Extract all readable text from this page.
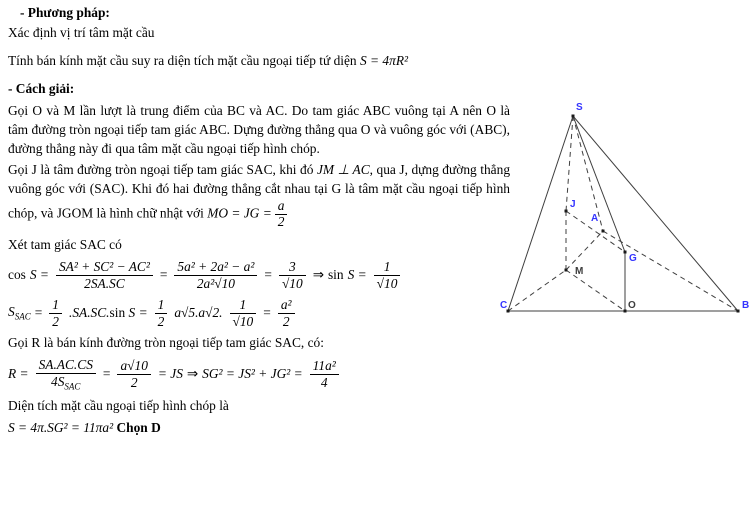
- Phương pháp:
Xác định vị trí tâm mặt cầu
Tính bán kính mặt cầu suy ra diện tích mặt cầu ngoại tiếp tứ diện S = 4πR²
- Cách giải:
Gọi O và M lần lượt là trung điểm của BC và AC. Do tam giác ABC vuông tại A nên O là tâm đường tròn ngoại tiếp tam giác ABC. Dựng đường thẳng qua O và vuông góc với (ABC), đường thẳng này đi qua tâm mặt cầu ngoại tiếp hình chóp.
Gọi J là tâm đường tròn ngoại tiếp tam giác SAC, khi đó JM ⊥ AC, qua J, dựng đường thẳng vuông góc với (SAC). Khi đó hai đường thẳng cắt nhau tại G là tâm mặt cầu ngoại tiếp hình chóp, và JGOM là hình chữ nhật với MO = JG = $\frac{a}{2}$
Xét tam giác SAC có
$\cos S = \frac{\text{SA² + SC² − AC²}}{2SA.SC} = \frac{\text{5a² + 2a² − a²}}{\text{2a²√10}} = \frac{3}{√10}$ ⇒ $\sin S = \frac{1}{√10}$
$S_{SAC} = \frac{1}{2} .SA.SC.\sin$ $S = \frac{1}{2} a√5.a√2$. $\frac{1}{√10} = \frac{\text{a²}}{2}$
Gọi R là bán kính đường tròn ngoại tiếp tam giác SAC, có:
$R = \frac{SA.AC.CS}{4S_{SAC}} = \frac{a√10}{2}$ = JS ⇒ $SG^2 = JS^2 + JG^2 = \frac{\text{11a²}}{4}$
Diện tích mặt cầu ngoại tiếp hình chóp là
S = 4π.SG² = 11πa² Chọn D
S
C	B
O
M
J
A
G
